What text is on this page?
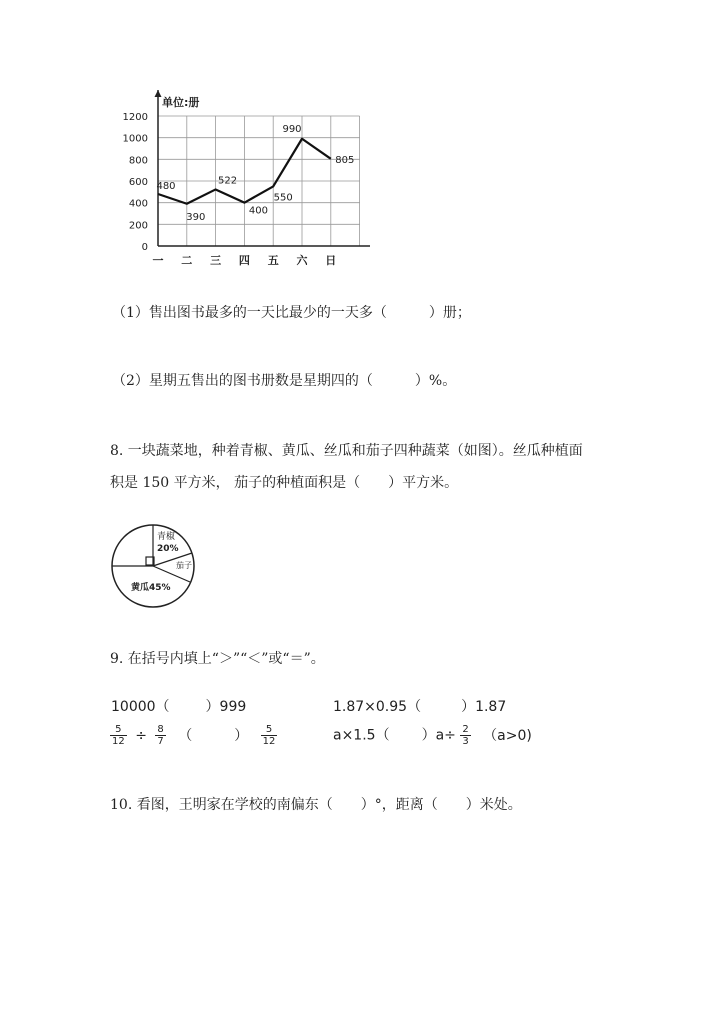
0
200
400
600
800
1000
1200
一 二 三 四 五 六 日
480
390
522
400
550
990
805
单位:册
（1）售出图书最多的一天比最少的一天多（　　　）册；
（2）星期五售出的图书册数是星期四的（　　　）%。
8. 一块蔬菜地，种着青椒、黄瓜、丝瓜和茄子四种蔬菜（如图）。丝瓜种植面
积是 150 平方米， 茄子的种植面积是（　　）平方米。
青椒
20%
茄子
黄瓜45%
9. 在括号内填上“＞”“＜”或“＝”。
10000（	）999	1.87×0.95（	）1.87
$\frac{5}{12} \div \frac{8}{7}$ （　　　） $\frac{5}{12}$	a×1.5（ ）$a\div \frac{2}{3} (a>0)$
10. 看图，王明家在学校的南偏东（　　）°，距离（　　）米处。
